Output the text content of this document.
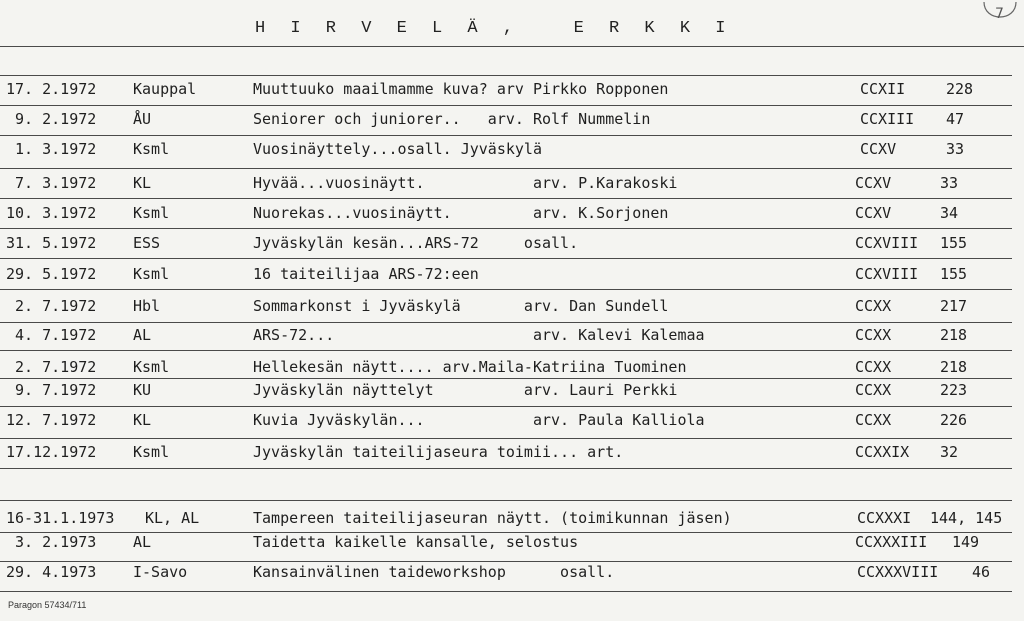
H I R V E L Ä ,   E R K K I
7
17. 2.1972 Kauppal	Muuttuuko maailmamme kuva? arv Pirkko Ropponen	CCXII	228
9. 2.1972 ÅU	Seniorer och juniorer..   arv. Rolf Nummelin	CCXIII 47
1. 3.1972 Ksml	Vuosinäyttely...osall. Jyväskylä	CCXV	33
7. 3.1972 KL	Hyvää...vuosinäytt.            arv. P.Karakoski	CCXV	33
10. 3.1972 Ksml	Nuorekas...vuosinäytt.         arv. K.Sorjonen	CCXV	34
31. 5.1972 ESS	Jyväskylän kesän...ARS-72     osall.	CCXVIII 155
29. 5.1972 Ksml	16 taiteilijaa ARS-72:een	CCXVIII 155
2. 7.1972 Hbl	Sommarkonst i Jyväskylä       arv. Dan Sundell	CCXX	217
4. 7.1972 AL	ARS-72...                      arv. Kalevi Kalemaa	CCXX	218
2. 7.1972 Ksml	Hellekesän näytt.... arv.Maila-Katriina Tuominen	CCXX	218
9. 7.1972 KU	Jyväskylän näyttelyt          arv. Lauri Perkki	CCXX	223
12. 7.1972 KL	Kuvia Jyväskylän...            arv. Paula Kalliola	CCXX	226
17.12.1972 Ksml	Jyväskylän taiteilijaseura toimii... art.	CCXXIX 32
16-31.1.1973 KL, AL	Tampereen taiteilijaseuran näytt. (toimikunnan jäsen)	CCXXXI 144, 145
3. 2.1973 AL	Taidetta kaikelle kansalle, selostus	CCXXXIII 149
29. 4.1973 I-Savo	Kansainvälinen taideworkshop      osall.	CCXXXVIII 46
Paragon 57434/711
